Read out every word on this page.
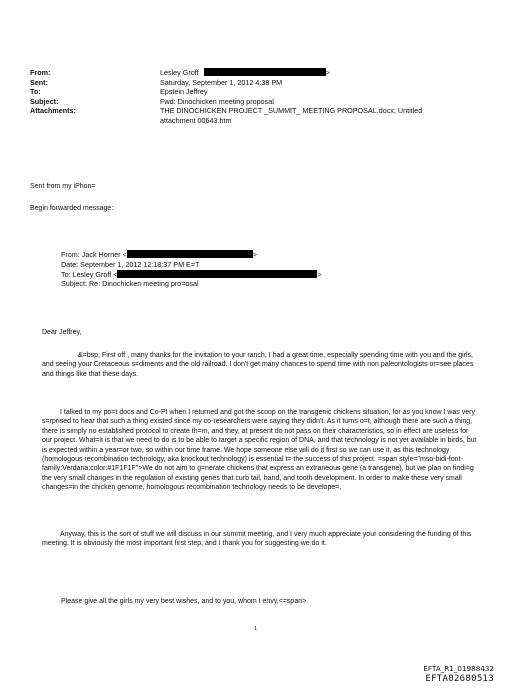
From:	Lesley Groff	>
Sent:	Saturday, September 1, 2012 4:38 PM
To:	Epstein Jeffrey
Subject:	Fwd: Dinochicken meeting proposal
Attachments:	THE DINOCHICKEN PROJECT _SUMMIT_ MEETING PROPOSAL.docx; Untitled
attachment 00643.htm
Sent from my iPhon=
Begin forwarded message:
From: Jack Horner <	>
Date: September 1, 2012 12:18:37 PM E=T
To: Lesley Groff <	>
Subject: Re: Dinochicken meeting pro=osal

Dear Jeffrey,

&=bsp; First off , many thanks for the invitation to your ranch, I had a great time, especially spending time with you and the girls, and seeing your Cretaceous s=diments and the old railroad. I don't get many chances to spend time with non paleontologists or=see places and things like that these days.

I talked to my po=t docs and Co-PI when I returned and got the scoop on the transgenic chickens situation, for as you know I was very s=rprised to hear that such a thing existed since my co-researchers were saying they didn't. As it turns o=t, although there are such a thing, there is simply no established protocol to create th=m, and they, at present do not pass on their characteristics, so in effect are useless for our project. What=it is that we need to do is to be able to target a specific region of DNA, and that technology is not yet available in birds, but is expected within a year=or two, so within our time frame. We hope someone else will do it first so we can use it, as this technology (homologous recombination technology, aka knockout technology) is essential t= the success of this project. =span style="mso-bidi-font-family:Verdana;color:#1F1F1F">We do not aim to g=nerate chickens that express an extraneous gene (a transgene), but we plan on findi=g the very small changes in the regulation of existing genes that curb tail, hand, and tooth development. In order to make these very small changes=in the chicken genome, homologous recombination technology needs to be develope=.

Anyway, this is the sort of stuff we will discuss in our summit meeting, and I very much appreciate your considering the funding of this meeting. It is obviously the most important first step, and I thank you for suggesting we do it.

Please give all the girls my very best wishes, and to you, whom I envy,<=span>

1
EFTA_R1_01988432
EFTA02680513
